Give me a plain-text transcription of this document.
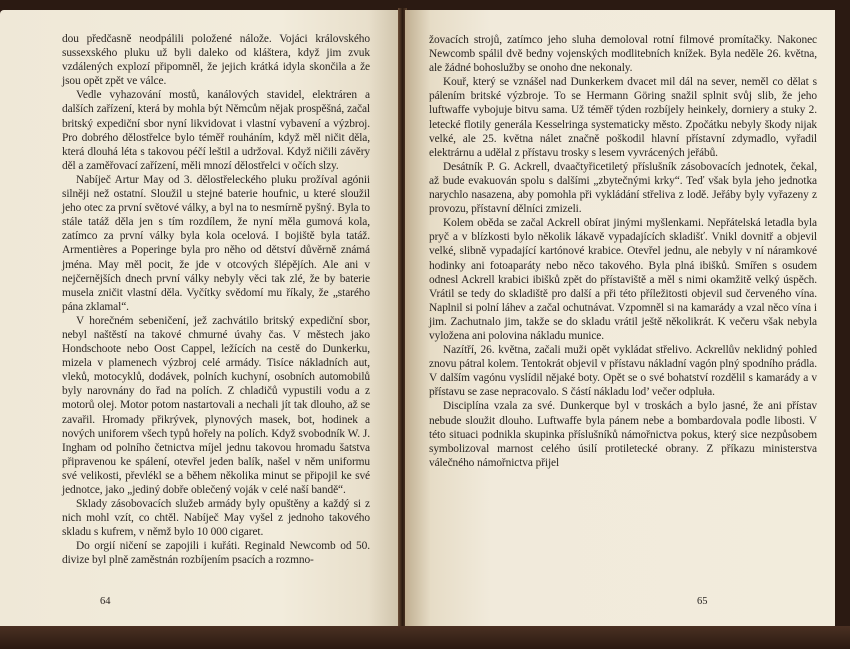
dou předčasně neodpálili položené nálože. Vojáci královského sussexského pluku už byli daleko od kláštera, když jim zvuk vzdálených explozí připomněl, že jejich krátká idyla skončila a že jsou opět zpět ve válce.

Vedle vyhazování mostů, kanálových stavidel, elektráren a dalších zařízení, která by mohla být Němcům nějak prospěšná, začal britský expediční sbor nyní likvidovat i vlastní vybavení a výzbroj. Pro dobrého dělostřelce bylo téměř rouháním, když měl ničit děla, která dlouhá léta s takovou péčí leštil a udržoval. Když ničili závěry děl a zaměřovací zařízení, měli mnozí dělostřelci v očích slzy.

Nabíječ Artur May od 3. dělostřeleckého pluku prožíval agónii silněji než ostatní. Sloužil u stejné baterie houfnic, u které sloužil jeho otec za první světové války, a byl na to nesmírně pyšný. Byla to stále tatáž děla jen s tím rozdílem, že nyní měla gumová kola, zatímco za první války byla kola ocelová. I bojiště byla tatáž. Armentières a Poperinge byla pro něho od dětství důvěrně známá jména. May měl pocit, že jde v otcových šlépějích. Ale ani v nejčernějších dnech první války nebyly věci tak zlé, že by baterie musela zničit vlastní děla. Vyčítky svědomí mu říkaly, že „starého pána zklamal“.

V horečném sebeničení, jež zachvátilo britský expediční sbor, nebyl naštěstí na takové chmurné úvahy čas. V městech jako Hondschoote nebo Oost Cappel, ležících na cestě do Dunkerku, mizela v plamenech výzbroj celé armády. Tisíce nákladních aut, vleků, motocyklů, dodávek, polních kuchyní, osobních automobilů byly narovnány do řad na polích. Z chladičů vypustili vodu a z motorů olej. Motor potom nastartovali a nechali jít tak dlouho, až se zavařil. Hromady přikrývek, plynových masek, bot, hodinek a nových uniforem všech typů hořely na polích. Když svobodník W. J. Ingham od polního četnictva míjel jednu takovou hromadu šatstva připravenou ke spálení, otevřel jeden balík, našel v něm uniformu své velikosti, převlékl se a během několika minut se připojil ke své jednotce, jako „jediný dobře oblečený voják v celé naší bandě“.

Sklady zásobovacích služeb armády byly opuštěny a každý si z nich mohl vzít, co chtěl. Nabíječ May vyšel z jednoho takového skladu s kufrem, v němž bylo 10 000 cigaret.

Do orgií ničení se zapojili i kuřáti. Reginald Newcomb od 50. divize byl plně zaměstnán rozbíjením psacích a rozmno-

64

žovacích strojů, zatímco jeho sluha demoloval rotní filmové promítačky. Nakonec Newcomb spálil dvě bedny vojenských modlitebních knížek. Byla neděle 26. května, ale žádné bohoslužby se onoho dne nekonaly.

Kouř, který se vznášel nad Dunkerkem dvacet mil dál na sever, neměl co dělat s pálením britské výzbroje. To se Hermann Göring snažil splnit svůj slib, že jeho luftwaffe vybojuje bitvu sama. Už téměř týden rozbíjely heinkely, dorniery a stuky 2. letecké flotily generála Kesselringa systematicky město. Zpočátku nebyly škody nijak velké, ale 25. května nálet značně poškodil hlavní přístavní zdymadlo, vyřadil elektrárnu a udělal z přístavu trosky s lesem vyvrácených jeřábů.

Desátník P. G. Ackrell, dvaačtyřicetiletý příslušník zásobovacích jednotek, čekal, až bude evakuován spolu s dalšími „zbytečnými krky“. Teď však byla jeho jednotka narychlo nasazena, aby pomohla při vykládání střeliva z lodě. Jeřáby byly vyřazeny z provozu, přístavní dělníci zmizeli.

Kolem oběda se začal Ackrell obírat jinými myšlenkami. Nepřátelská letadla byla pryč a v blízkosti bylo několik lákavě vypadajících skladišť. Vnikl dovnitř a objevil velké, slibně vypadající kartónové krabice. Otevřel jednu, ale nebyly v ní náramkové hodinky ani fotoaparáty nebo něco takového. Byla plná ibišků. Smířen s osudem odnesl Ackrell krabici ibišků zpět do přístaviště a měl s nimi okamžitě velký úspěch. Vrátil se tedy do skladiště pro další a při této příležitosti objevil sud červeného vína. Naplnil si polní láhev a začal ochutnávat. Vzpomněl si na kamarády a vzal něco vína i jim. Zachutnalo jim, takže se do skladu vrátil ještě několikrát. K večeru však nebyla vyložena ani polovina nákladu munice.

Nazítří, 26. května, začali muži opět vykládat střelivo. Ackrellův neklidný pohled znovu pátral kolem. Tentokrát objevil v přístavu nákladní vagón plný spodního prádla. V dalším vagónu vyslídil nějaké boty. Opět se o své bohatství rozdělil s kamarády a v přístavu se zase nepracovalo. S částí nákladu lod’ večer odpluła.

Disciplína vzala za své. Dunkerque byl v troskách a bylo jasné, že ani přístav nebude sloužit dlouho. Luftwaffe byla pánem nebe a bombardovala podle libosti. V této situaci podnikla skupinka příslušníků námořnictva pokus, který sice nezpůsobem symbolizoval marnost celého úsilí protiletecké obrany. Z příkazu ministerstva válečného námořnictva přijel

65
